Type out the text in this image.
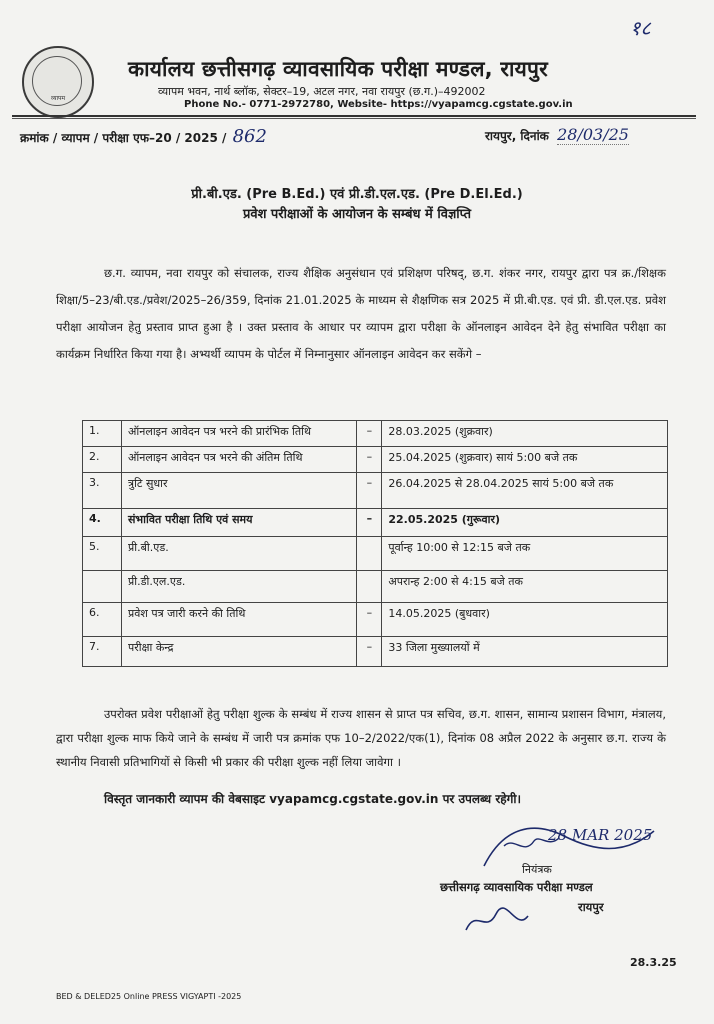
१८
व्यापम
कार्यालय छत्तीसगढ़ व्यावसायिक परीक्षा मण्डल, रायपुर
व्यापम भवन, नार्थ ब्लॉक, सेक्टर–19, अटल नगर, नवा रायपुर (छ.ग.)–492002
Phone No.- 0771-2972780, Website- https://vyapamcg.cgstate.gov.in
क्रमांक / व्यापम / परीक्षा एफ–20 / 2025 / 862	रायपुर, दिनांक 28/03/25
प्री.बी.एड. (Pre B.Ed.) एवं प्री.डी.एल.एड. (Pre D.El.Ed.)
प्रवेश परीक्षाओं के आयोजन के सम्बंध में विज्ञप्ति
छ.ग. व्यापम, नवा रायपुर को संचालक, राज्य शैक्षिक अनुसंधान एवं प्रशिक्षण परिषद्, छ.ग. शंकर नगर, रायपुर द्वारा पत्र क्र./शिक्षक शिक्षा/5–23/बी.एड./प्रवेश/2025–26/359, दिनांक 21.01.2025 के माध्यम से शैक्षणिक सत्र 2025 में प्री.बी.एड. एवं प्री. डी.एल.एड. प्रवेश परीक्षा आयोजन हेतु प्रस्ताव प्राप्त हुआ है । उक्त प्रस्ताव के आधार पर व्यापम द्वारा परीक्षा के ऑनलाइन आवेदन देने हेतु संभावित परीक्षा का कार्यक्रम निर्धारित किया गया है। अभ्यर्थी व्यापम के पोर्टल में निम्नानुसार ऑनलाइन आवेदन कर सकेंगे –
1.	ऑनलाइन आवेदन पत्र भरने की प्रारंभिक तिथि	–	28.03.2025 (शुक्रवार)
2.	ऑनलाइन आवेदन पत्र भरने की अंतिम तिथि	–	25.04.2025 (शुक्रवार) सायं 5:00 बजे तक
3.	त्रुटि सुधार	–	26.04.2025 से 28.04.2025 सायं 5:00 बजे तक
4.	संभावित परीक्षा तिथि एवं समय	–	22.05.2025 (गुरूवार)
5.	प्री.बी.एड.		पूर्वान्ह 10:00 से 12:15 बजे तक
	प्री.डी.एल.एड.		अपरान्ह 2:00 से 4:15 बजे तक
6.	प्रवेश पत्र जारी करने की तिथि	–	14.05.2025 (बुधवार)
7.	परीक्षा केन्द्र	–	33 जिला मुख्यालयों में
उपरोक्त प्रवेश परीक्षाओं हेतु परीक्षा शुल्क के सम्बंध में राज्य शासन से प्राप्त पत्र सचिव, छ.ग. शासन, सामान्य प्रशासन विभाग, मंत्रालय, द्वारा परीक्षा शुल्क माफ किये जाने के सम्बंध में जारी पत्र क्रमांक एफ 10–2/2022/एक(1), दिनांक 08 अप्रैल 2022 के अनुसार छ.ग. राज्य के स्थानीय निवासी प्रतिभागियों से किसी भी प्रकार की परीक्षा शुल्क नहीं लिया जावेगा ।
विस्तृत जानकारी व्यापम की वेबसाइट vyapamcg.cgstate.gov.in पर उपलब्ध रहेगी।
28 MAR 2025
नियंत्रक
छत्तीसगढ़ व्यावसायिक परीक्षा मण्डल
रायपुर
28.3.25
BED & DELED25 Online PRESS VIGYAPTI -2025
